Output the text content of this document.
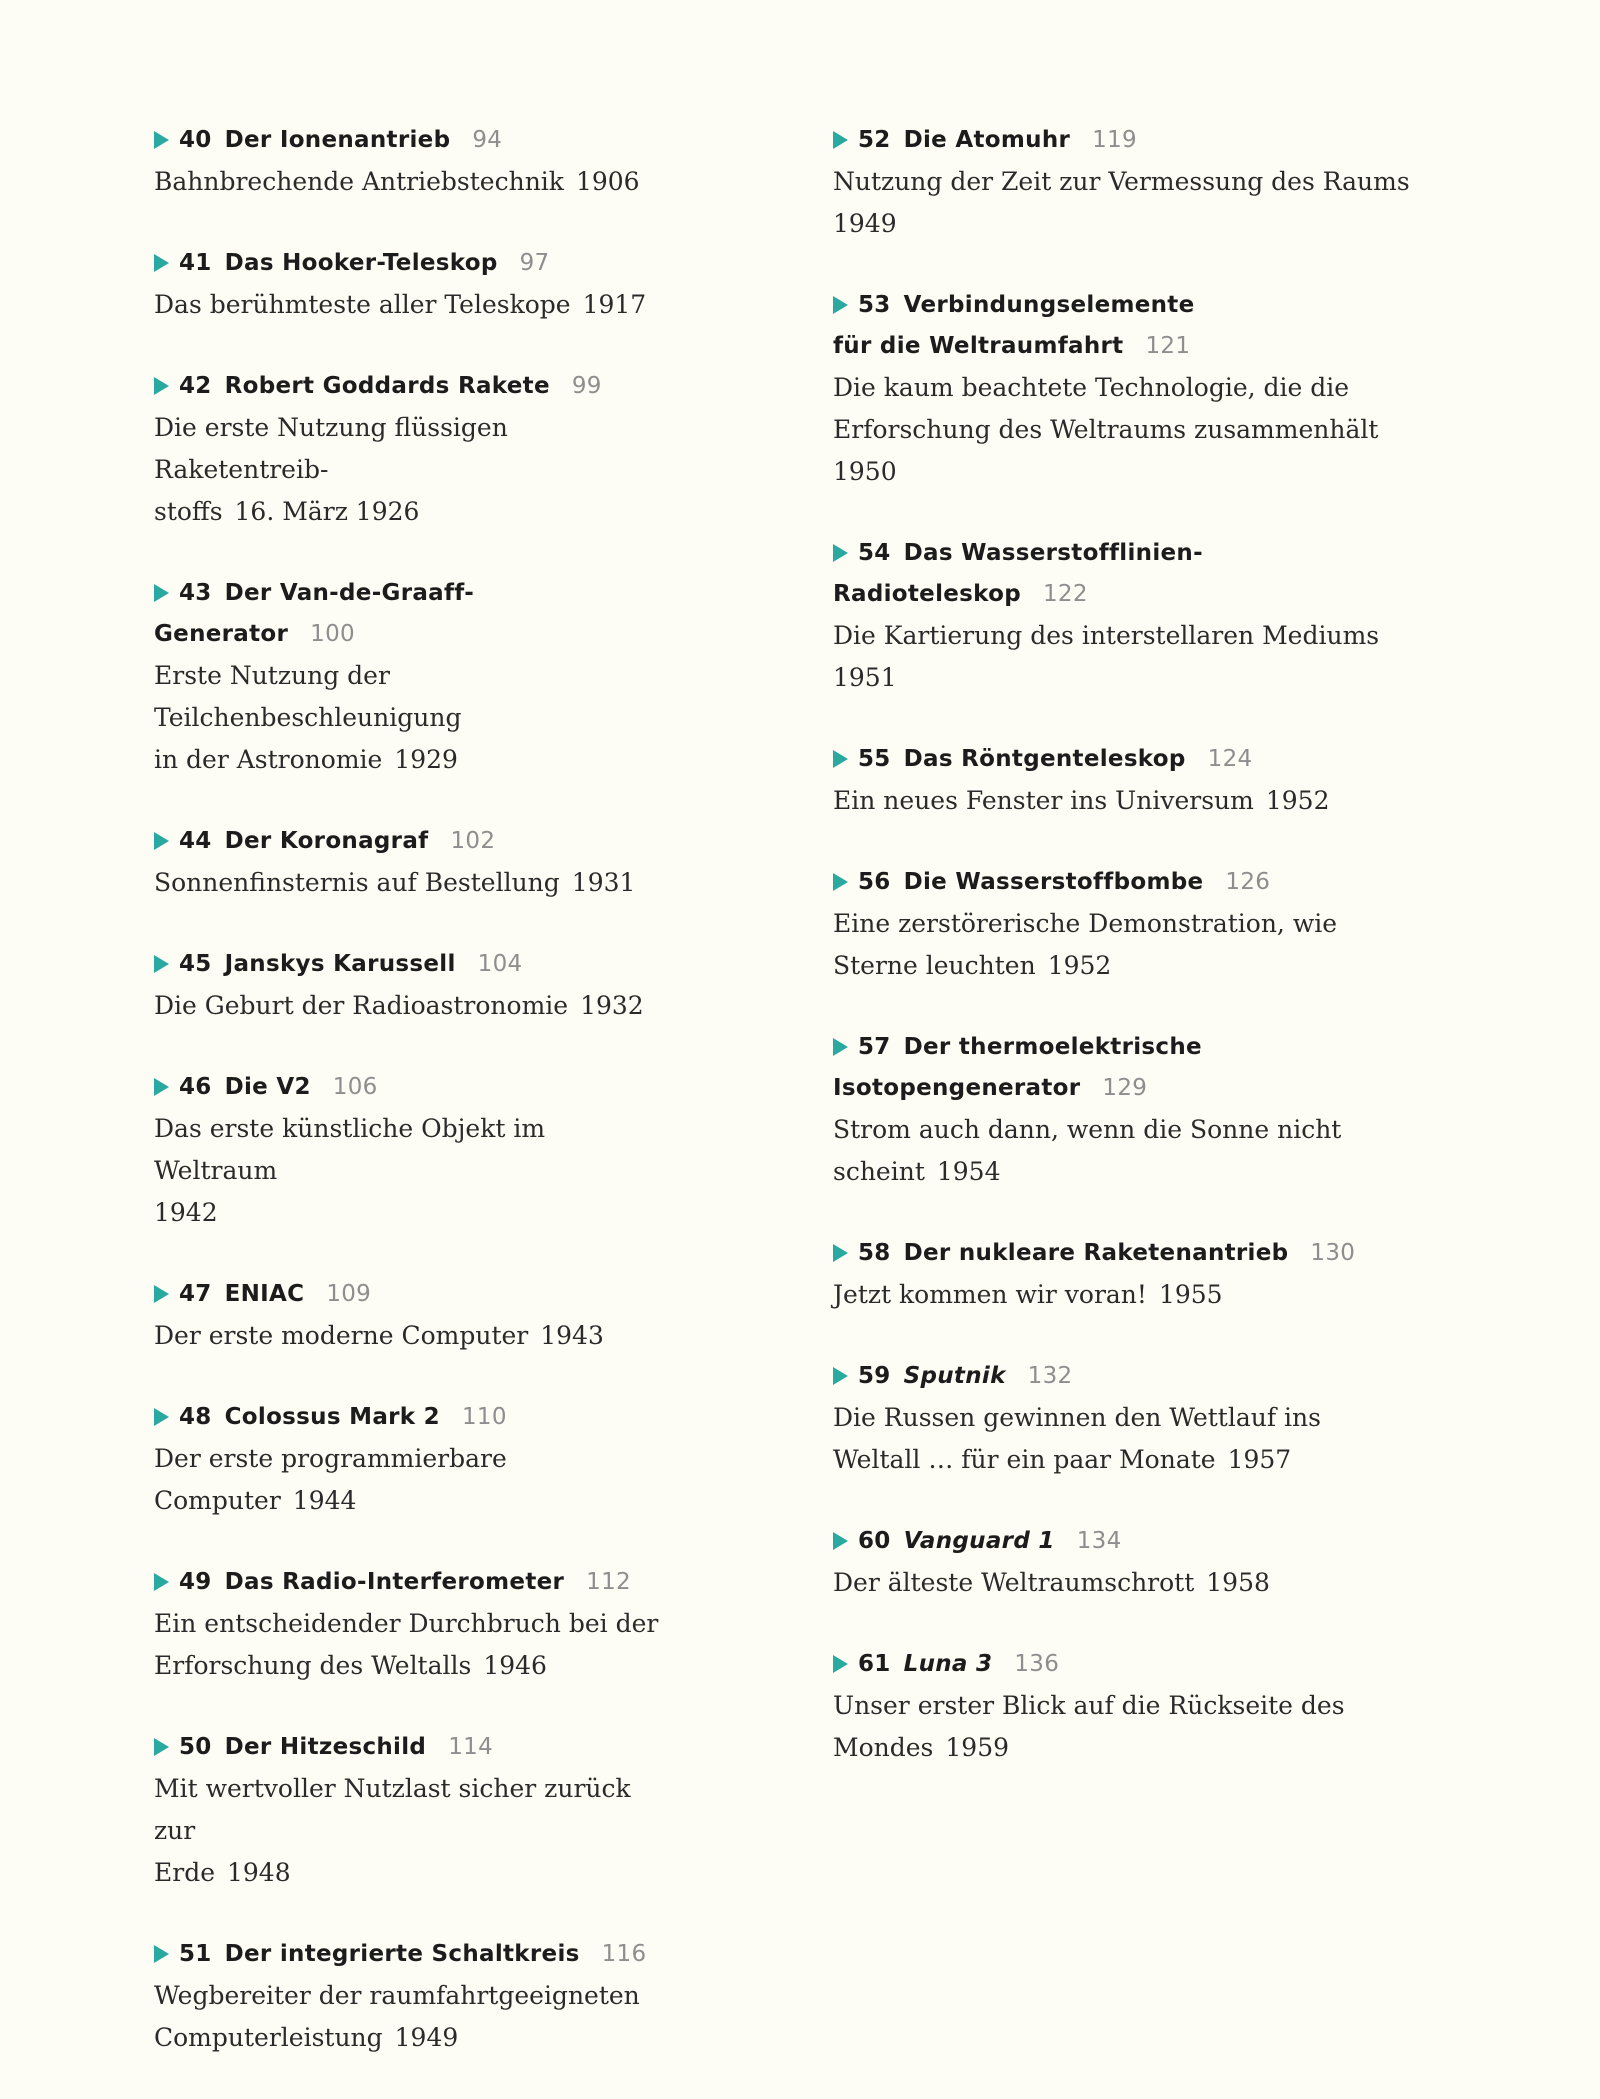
40 Der Ionenantrieb 94
Bahnbrechende Antriebstechnik 1906
41 Das Hooker-Teleskop 97
Das berühmteste aller Teleskope 1917
42 Robert Goddards Rakete 99
Die erste Nutzung flüssigen Raketentreib-
stoffs 16. März 1926
43 Der Van-de-Graaff-Generator 100
Erste Nutzung der Teilchenbeschleunigung
in der Astronomie 1929
44 Der Koronagraf 102
Sonnenfinsternis auf Bestellung 1931
45 Janskys Karussell 104
Die Geburt der Radioastronomie 1932
46 Die V2 106
Das erste künstliche Objekt im Weltraum
1942
47 ENIAC 109
Der erste moderne Computer 1943
48 Colossus Mark 2 110
Der erste programmierbare Computer 1944
49 Das Radio-Interferometer 112
Ein entscheidender Durchbruch bei der
Erforschung des Weltalls 1946
50 Der Hitzeschild 114
Mit wertvoller Nutzlast sicher zurück zur
Erde 1948
51 Der integrierte Schaltkreis 116
Wegbereiter der raumfahrtgeeigneten
Computerleistung 1949
52 Die Atomuhr 119
Nutzung der Zeit zur Vermessung des Raums
1949
53 Verbindungselemente
für die Weltraumfahrt 121
Die kaum beachtete Technologie, die die
Erforschung des Weltraums zusammenhält
1950
54 Das Wasserstofflinien-Radioteleskop 122
Die Kartierung des interstellaren Mediums
1951
55 Das Röntgenteleskop 124
Ein neues Fenster ins Universum 1952
56 Die Wasserstoffbombe 126
Eine zerstörerische Demonstration, wie
Sterne leuchten 1952
57 Der thermoelektrische
Isotopengenerator 129
Strom auch dann, wenn die Sonne nicht
scheint 1954
58 Der nukleare Raketenantrieb 130
Jetzt kommen wir voran! 1955
59 Sputnik 132
Die Russen gewinnen den Wettlauf ins
Weltall … für ein paar Monate 1957
60 Vanguard 1 134
Der älteste Weltraumschrott 1958
61 Luna 3 136
Unser erster Blick auf die Rückseite des
Mondes 1959
